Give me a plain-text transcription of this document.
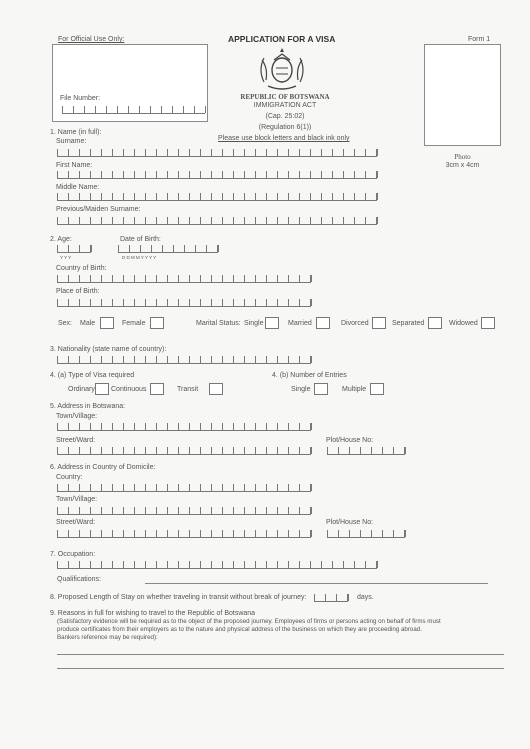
For Official Use Only:
File Number:
APPLICATION FOR A VISA	Form 1
REPUBLIC OF BOTSWANA
IMMIGRATION ACT
(Cap. 25:02)
(Regulation 6(1))
Please use block letters and black ink only
Photo
3cm x 4cm
1. Name (in full):
Surname:
First Name:
Middle Name:
Previous/Maiden Surname:
2. Age:
Y Y Y
Date of Birth:
D D M M Y Y Y Y
Country of Birth:
Place of Birth:
Sex: Male	Female	Marital Status: Single	Married	Divorced	Separated	Widowed
3. Nationality (state name of country):
4. (a) Type of Visa required
Ordinary Continuous	Transit
4. (b) Number of Entries
Single	Multiple
5. Address in Botswana:
Town/Village:
Street/Ward:	Plot/House No:
6. Address in Country of Domicile:
Country:
Town/Village:
Street/Ward:	Plot/House No:
7. Occupation:
Qualifications:
8. Proposed Length of Stay on whether traveling in transit without break of journey:	days.
9. Reasons in full for wishing to travel to the Republic of Botswana
(Satisfactory evidence will be required as to the object of the proposed journey. Employees of firms or persons acting on behalf of firms must
produce certificates from their employers as to the nature and physical address of the business on which they are proceeding abroad.
Bankers reference may be required):
